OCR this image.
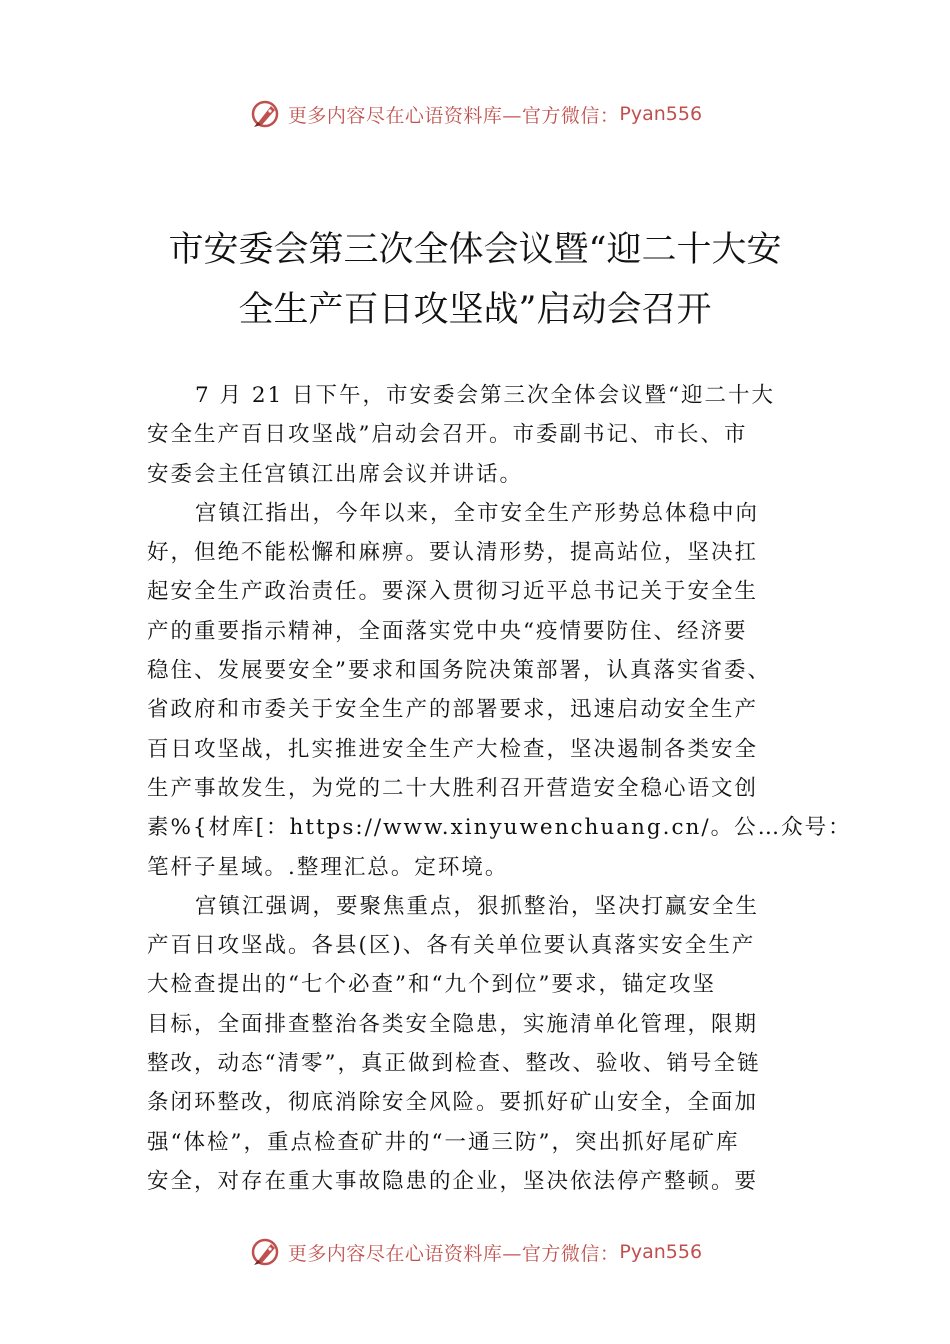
更多内容尽在心语资料库—官方微信： Pyan556
市安委会第三次全体会议暨“迎二十大安
全生产百日攻坚战”启动会召开
7 月 21 日下午，市安委会第三次全体会议暨“迎二十大
安全生产百日攻坚战”启动会召开。市委副书记、市长、市
安委会主任宫镇江出席会议并讲话。
宫镇江指出，今年以来，全市安全生产形势总体稳中向
好，但绝不能松懈和麻痹。要认清形势，提高站位，坚决扛
起安全生产政治责任。要深入贯彻习近平总书记关于安全生
产的重要指示精神，全面落实党中央“疫情要防住、经济要
稳住、发展要安全”要求和国务院决策部署，认真落实省委、
省政府和市委关于安全生产的部署要求，迅速启动安全生产
百日攻坚战，扎实推进安全生产大检查，坚决遏制各类安全
生产事故发生，为党的二十大胜利召开营造安全稳心语文创
素%{材库[：https://www.xinyuwenchuang.cn/。公…众号：
笔杆子星域。.整理汇总。定环境。
宫镇江强调，要聚焦重点，狠抓整治，坚决打赢安全生
产百日攻坚战。各县(区)、各有关单位要认真落实安全生产
大检查提出的“七个必查”和“九个到位”要求，锚定攻坚
目标，全面排查整治各类安全隐患，实施清单化管理，限期
整改，动态“清零”，真正做到检查、整改、验收、销号全链
条闭环整改，彻底消除安全风险。要抓好矿山安全，全面加
强“体检”，重点检查矿井的“一通三防”，突出抓好尾矿库
安全，对存在重大事故隐患的企业，坚决依法停产整顿。要
更多内容尽在心语资料库—官方微信： Pyan556
